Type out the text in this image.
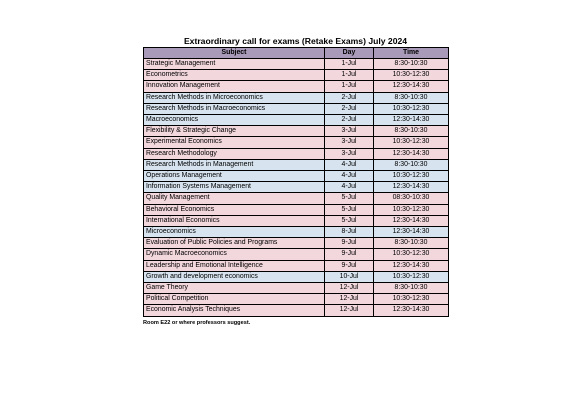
Extraordinary call for exams (Retake Exams) July 2024
Subject	Day	Time
Strategic Management	1-Jul	8:30-10:30
Econometrics	1-Jul	10:30-12:30
Innovation Management	1-Jul	12:30-14:30
Research Methods in Microeconomics	2-Jul	8:30-10:30
Research Methods in Macroeconomics	2-Jul	10:30-12:30
Macroeconomics	2-Jul	12:30-14:30
Flexibility & Strategic Change	3-Jul	8:30-10:30
Experimental Economics	3-Jul	10:30-12:30
Research Methodology	3-Jul	12:30-14:30
Research Methods in Management	4-Jul	8:30-10:30
Operations Management	4-Jul	10:30-12:30
Information Systems Management	4-Jul	12:30-14:30
Quality Management	5-Jul	08:30-10:30
Behavioral Economics	5-Jul	10:30-12:30
International Economics	5-Jul	12:30-14:30
Microeconomics	8-Jul	12:30-14:30
Evaluation of Public Policies and Programs	9-Jul	8:30-10:30
Dynamic Macroeconomics	9-Jul	10:30-12:30
Leadership and Emotional Intelligence	9-Jul	12:30-14:30
Growth and development economics	10-Jul	10:30-12:30
Game Theory	12-Jul	8:30-10:30
Political Competition	12-Jul	10:30-12:30
Economic Analysis Techniques	12-Jul	12:30-14:30
Room E22 or where professors suggest.
